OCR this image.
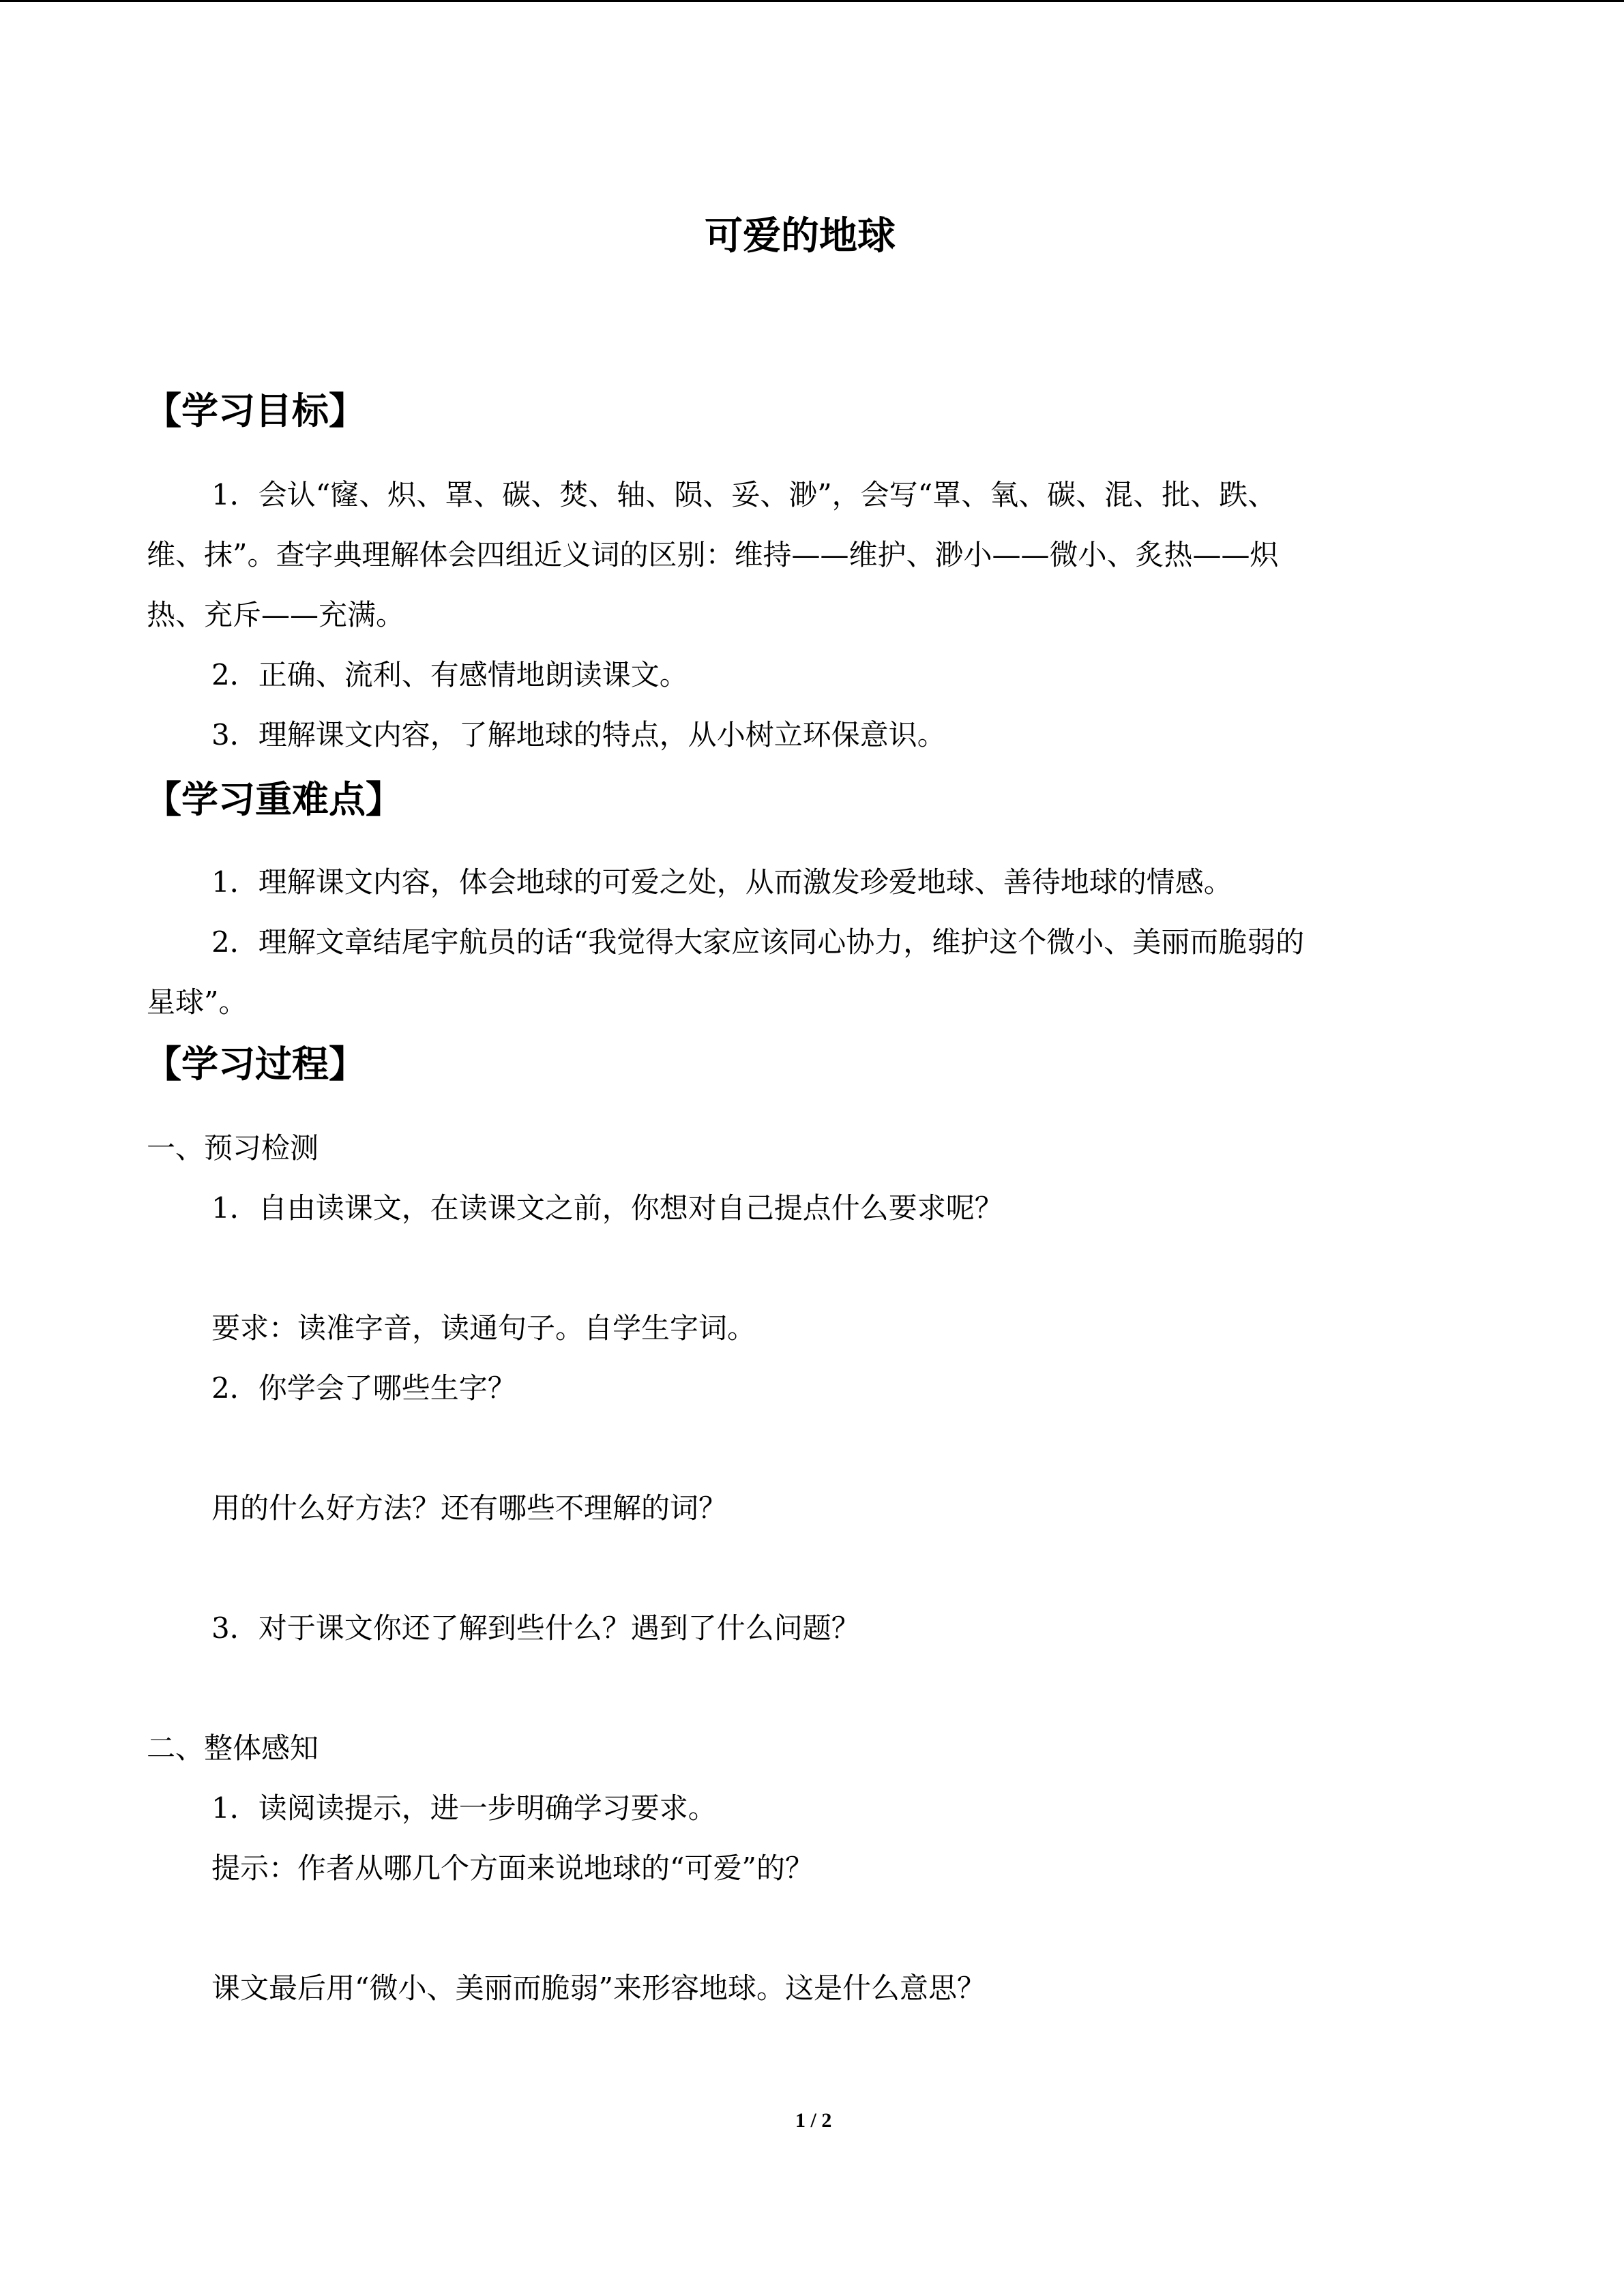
可爱的地球
【学习目标】
1．会认“窿、炽、罩、碳、焚、轴、陨、妥、渺”，会写“罩、氧、碳、混、批、跌、
维、抹”。查字典理解体会四组近义词的区别：维持——维护、渺小——微小、炙热——炽
热、充斥——充满。
2．正确、流利、有感情地朗读课文。
3．理解课文内容，了解地球的特点，从小树立环保意识。
【学习重难点】
1．理解课文内容，体会地球的可爱之处，从而激发珍爱地球、善待地球的情感。
2．理解文章结尾宇航员的话“我觉得大家应该同心协力，维护这个微小、美丽而脆弱的
星球”。
【学习过程】
一、预习检测
1．自由读课文，在读课文之前，你想对自己提点什么要求呢？
要求：读准字音，读通句子。自学生字词。
2．你学会了哪些生字？
用的什么好方法？还有哪些不理解的词？
3．对于课文你还了解到些什么？遇到了什么问题？
二、整体感知
1．读阅读提示，进一步明确学习要求。
提示：作者从哪几个方面来说地球的“可爱”的？
课文最后用“微小、美丽而脆弱”来形容地球。这是什么意思？
1 / 2
